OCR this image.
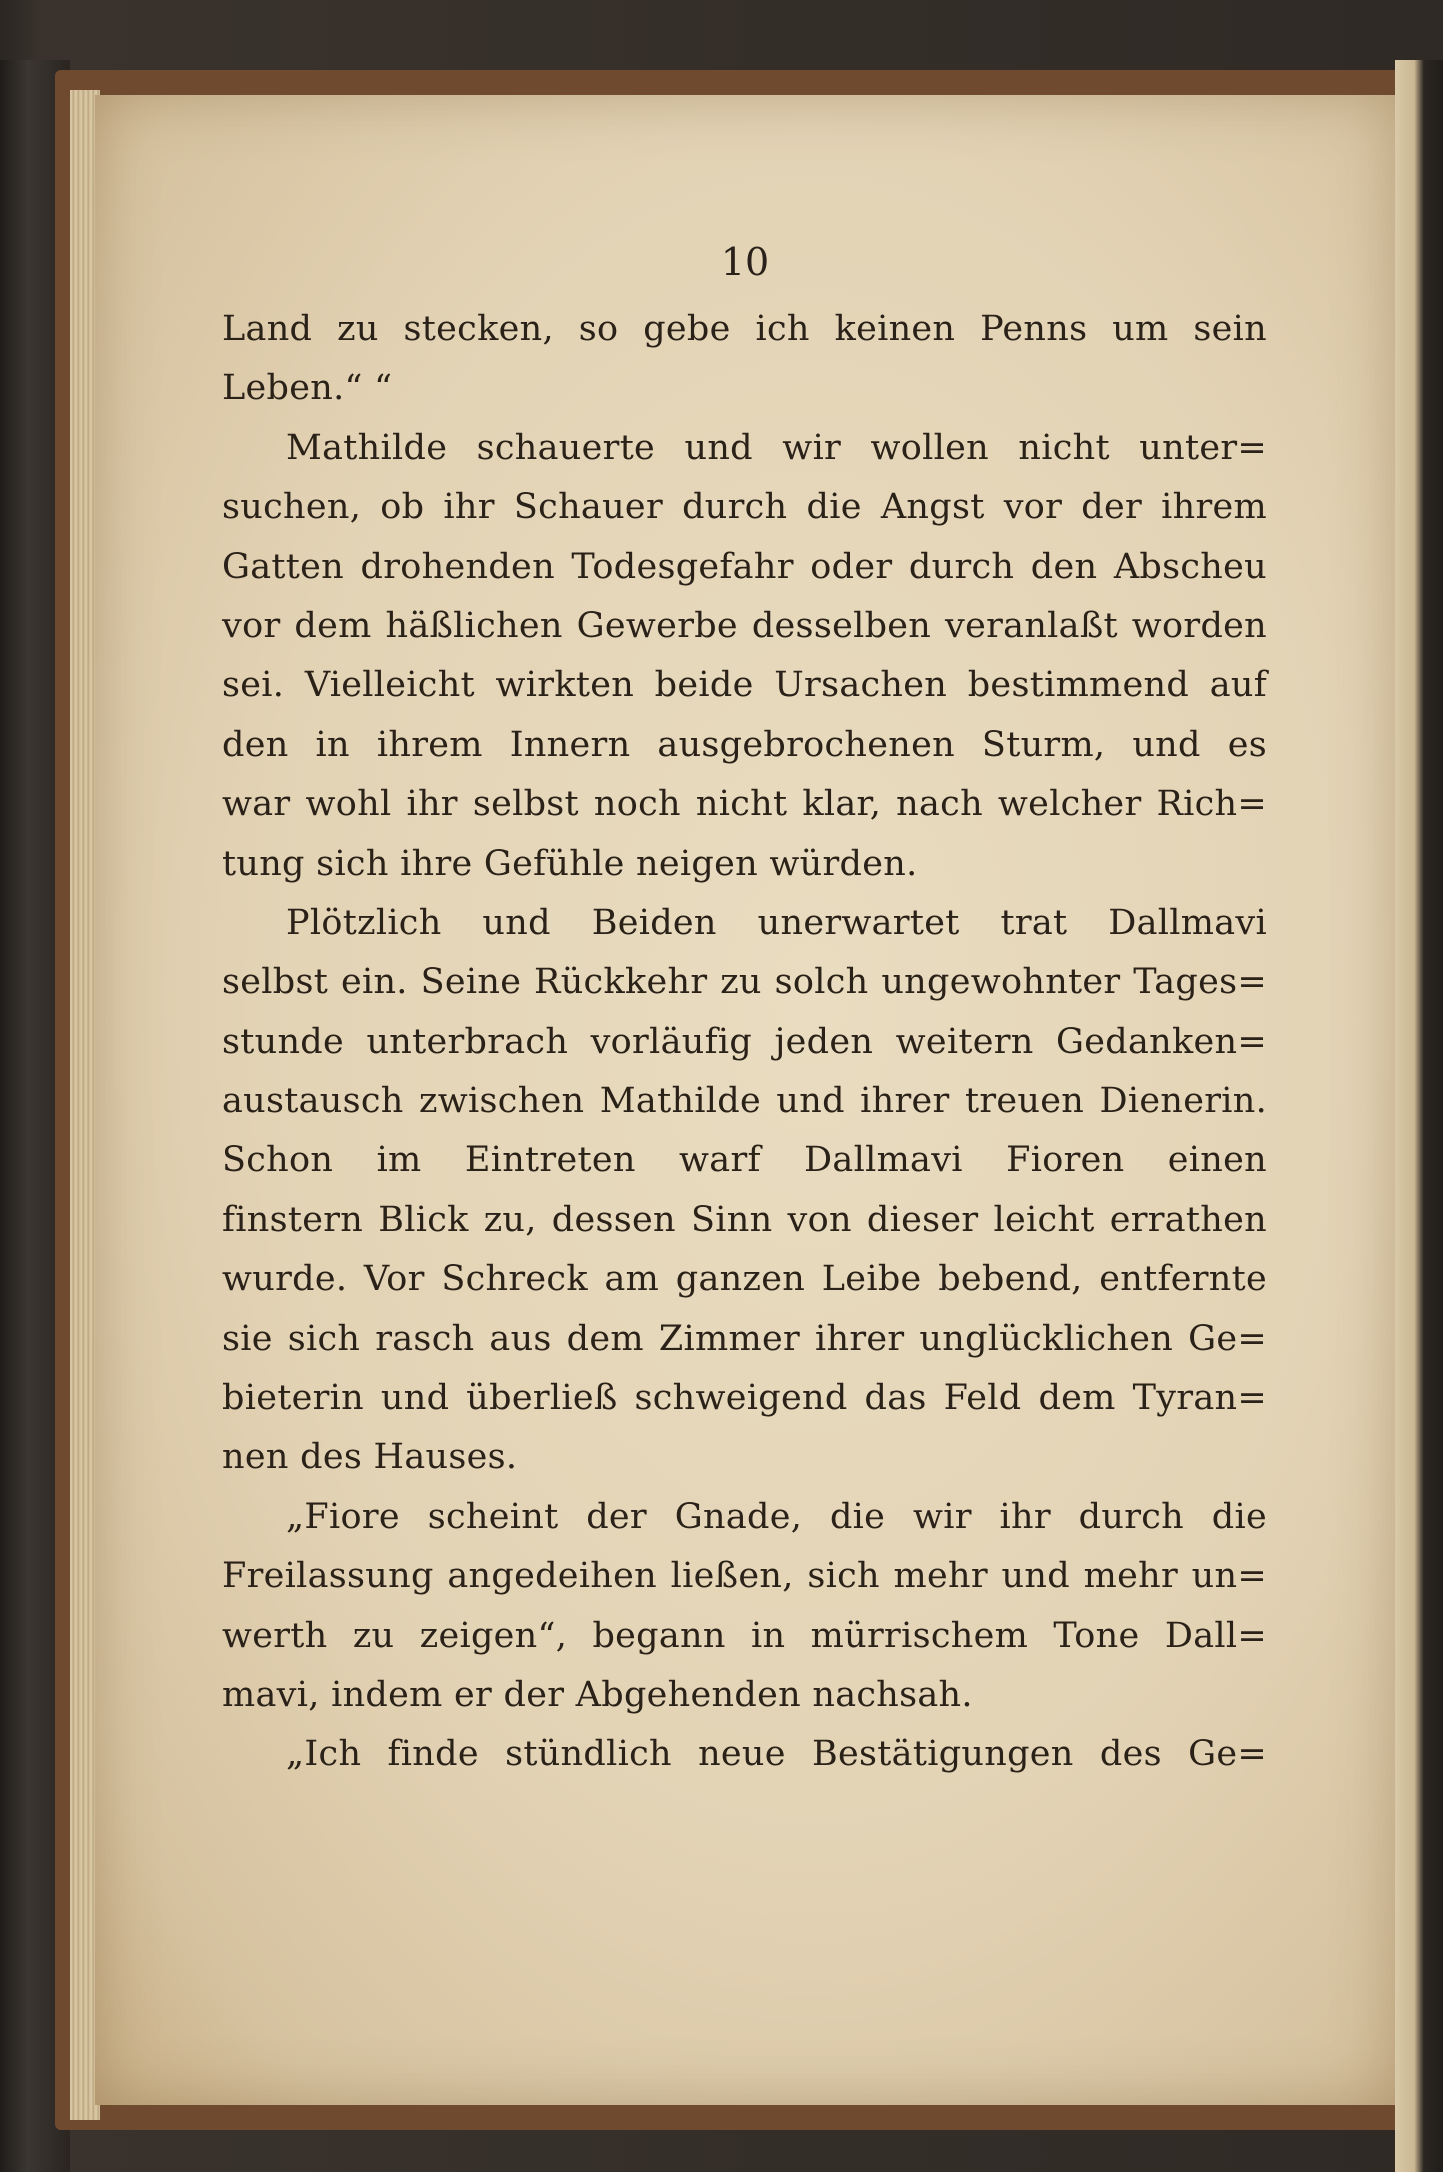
10
Land zu stecken, so gebe ich keinen Penns um sein
Leben.“ “
Mathilde schauerte und wir wollen nicht unter=
suchen, ob ihr Schauer durch die Angst vor der ihrem
Gatten drohenden Todesgefahr oder durch den Abscheu
vor dem häßlichen Gewerbe desselben veranlaßt worden
sei. Vielleicht wirkten beide Ursachen bestimmend auf
den in ihrem Innern ausgebrochenen Sturm, und es
war wohl ihr selbst noch nicht klar, nach welcher Rich=
tung sich ihre Gefühle neigen würden.
Plötzlich und Beiden unerwartet trat Dallmavi
selbst ein. Seine Rückkehr zu solch ungewohnter Tages=
stunde unterbrach vorläufig jeden weitern Gedanken=
austausch zwischen Mathilde und ihrer treuen Dienerin.
Schon im Eintreten warf Dallmavi Fioren einen
finstern Blick zu, dessen Sinn von dieser leicht errathen
wurde. Vor Schreck am ganzen Leibe bebend, entfernte
sie sich rasch aus dem Zimmer ihrer unglücklichen Ge=
bieterin und überließ schweigend das Feld dem Tyran=
nen des Hauses.
„Fiore scheint der Gnade, die wir ihr durch die
Freilassung angedeihen ließen, sich mehr und mehr un=
werth zu zeigen“, begann in mürrischem Tone Dall=
mavi, indem er der Abgehenden nachsah.
„Ich finde stündlich neue Bestätigungen des Ge=
